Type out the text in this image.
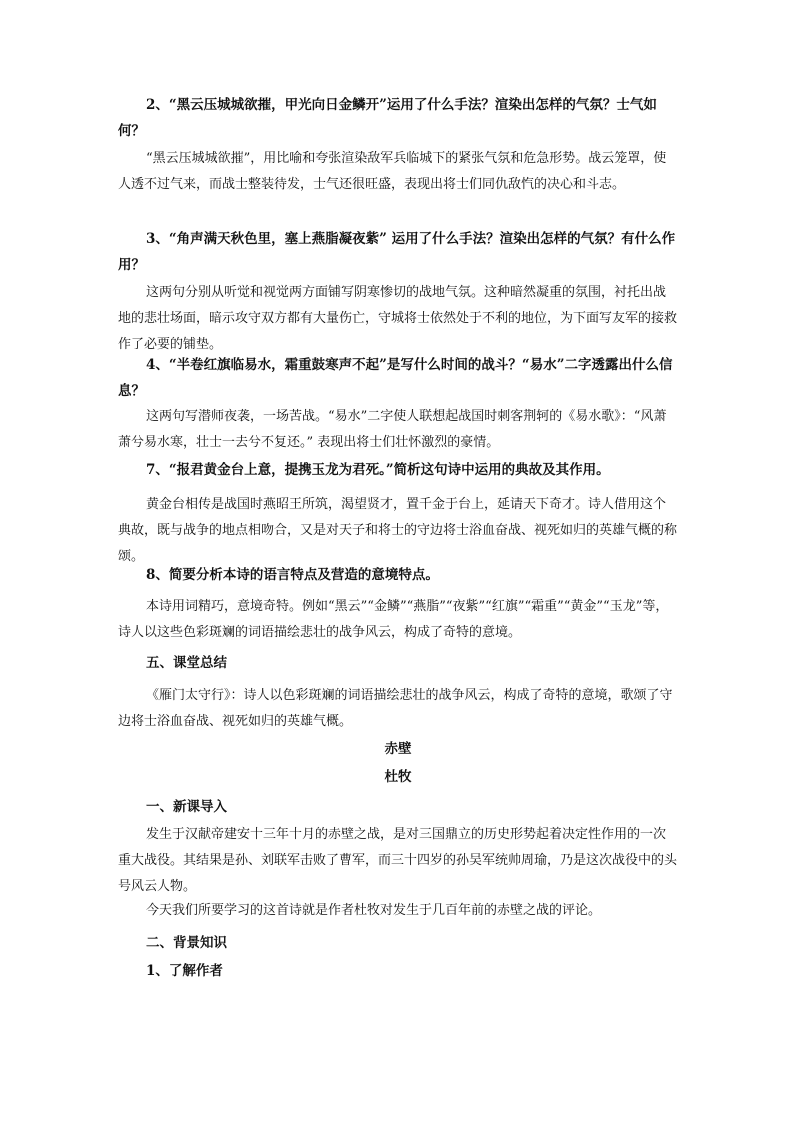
2、“黑云压城城欲摧，甲光向日金鳞开”运用了什么手法？渲染出怎样的气氛？士气如何？

“黑云压城城欲摧”，用比喻和夸张渲染敌军兵临城下的紧张气氛和危急形势。战云笼罩，使人透不过气来，而战士整装待发，士气还很旺盛，表现出将士们同仇敌忾的决心和斗志。

3、“角声满天秋色里，塞上燕脂凝夜紫” 运用了什么手法？渲染出怎样的气氛？有什么作用？

这两句分别从听觉和视觉两方面铺写阴寒惨切的战地气氛。这种暗然凝重的氛围，衬托出战地的悲壮场面，暗示攻守双方都有大量伤亡，守城将士依然处于不利的地位，为下面写友军的接救作了必要的铺垫。

4、“半卷红旗临易水，霜重鼓寒声不起”是写什么时间的战斗？“易水”二字透露出什么信息？

这两句写潜师夜袭，一场苦战。“易水”二字使人联想起战国时刺客荆轲的《易水歌》：“风萧萧兮易水寒，壮士一去兮不复还。” 表现出将士们壮怀激烈的豪情。

7、“报君黄金台上意，提携玉龙为君死。”简析这句诗中运用的典故及其作用。

黄金台相传是战国时燕昭王所筑，渴望贤才，置千金于台上，延请天下奇才。诗人借用这个典故，既与战争的地点相吻合，又是对天子和将士的守边将士浴血奋战、视死如归的英雄气概的称颂。

8、简要分析本诗的语言特点及营造的意境特点。

本诗用词精巧，意境奇特。例如“黑云”“金鳞”“燕脂”“夜紫”“红旗”“霜重”“黄金”“玉龙”等，诗人以这些色彩斑斓的词语描绘悲壮的战争风云，构成了奇特的意境。

五、课堂总结

《雁门太守行》：诗人以色彩斑斓的词语描绘悲壮的战争风云，构成了奇特的意境，歌颂了守边将士浴血奋战、视死如归的英雄气概。

赤壁

杜牧

一、新课导入

发生于汉献帝建安十三年十月的赤壁之战，是对三国鼎立的历史形势起着决定性作用的一次重大战役。其结果是孙、刘联军击败了曹军，而三十四岁的孙吴军统帅周瑜，乃是这次战役中的头号风云人物。

今天我们所要学习的这首诗就是作者杜牧对发生于几百年前的赤壁之战的评论。

二、背景知识

1、了解作者
